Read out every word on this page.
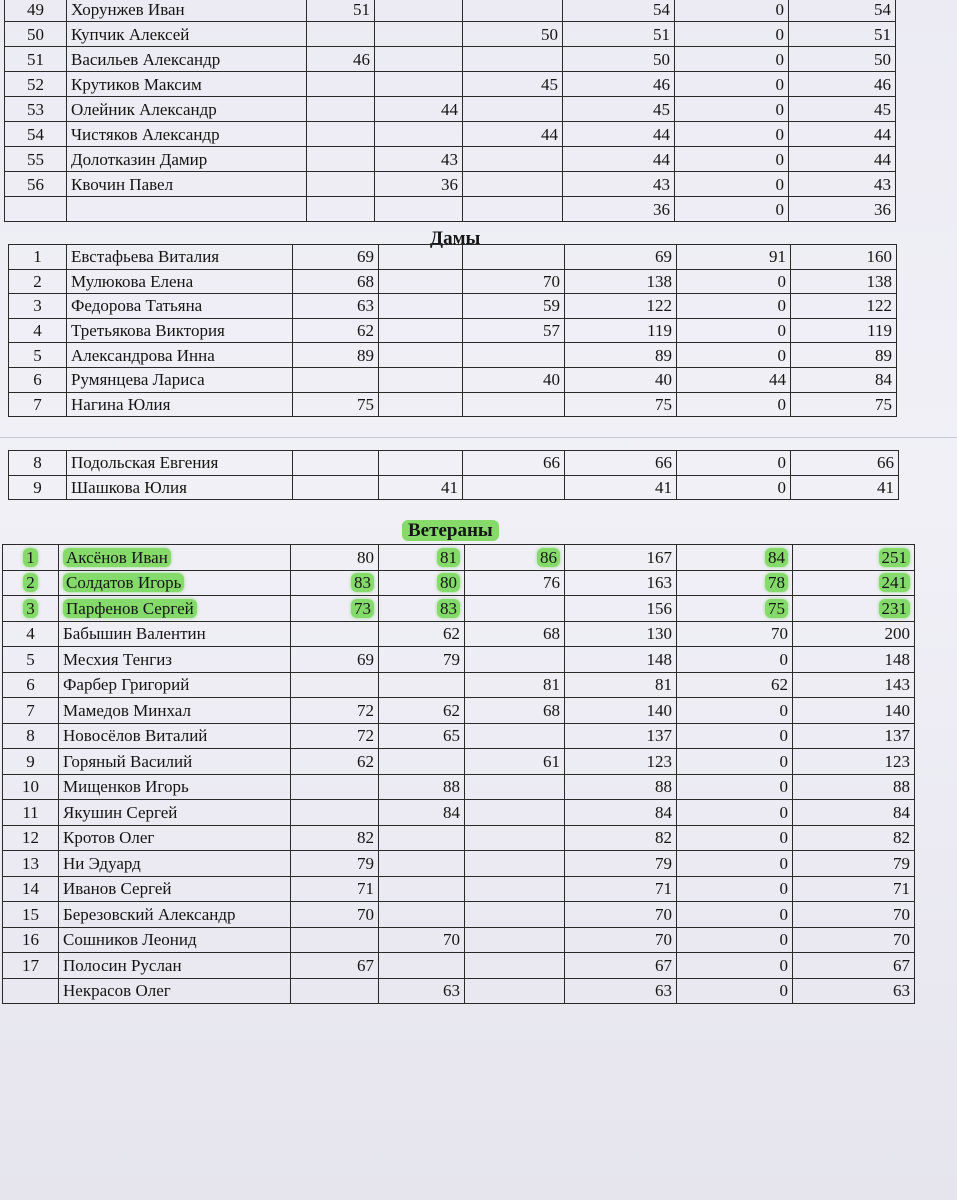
49	Хорунжев Иван	51			54	0	54
50	Купчик Алексей			50	51	0	51
51	Васильев Александр	46			50	0	50
52	Крутиков Максим			45	46	0	46
53	Олейник Александр		44		45	0	45
54	Чистяков Александр			44	44	0	44
55	Долотказин Дамир		43		44	0	44
56	Квочин Павел		36		43	0	43
					36	0	36
Дамы
1	Евстафьева Виталия	69			69	91	160
2	Мулюкова Елена	68		70	138	0	138
3	Федорова Татьяна	63		59	122	0	122
4	Третьякова Виктория	62		57	119	0	119
5	Александрова Инна	89			89	0	89
6	Румянцева Лариса			40	40	44	84
7	Нагина Юлия	75			75	0	75
8	Подольская Евгения			66	66	0	66
9	Шашкова Юлия		41		41	0	41
Ветераны
1	Аксёнов Иван	80	81	86	167	84	251
2	Солдатов Игорь	83	80	76	163	78	241
3	Парфенов Сергей	73	83		156	75	231
4	Бабышин Валентин		62	68	130	70	200
5	Месхия Тенгиз	69	79		148	0	148
6	Фарбер Григорий			81	81	62	143
7	Мамедов Минхал	72	62	68	140	0	140
8	Новосёлов Виталий	72	65		137	0	137
9	Горяный Василий	62		61	123	0	123
10	Мищенков Игорь		88		88	0	88
11	Якушин Сергей		84		84	0	84
12	Кротов Олег	82			82	0	82
13	Ни Эдуард	79			79	0	79
14	Иванов Сергей	71			71	0	71
15	Березовский Александр	70			70	0	70
16	Сошников Леонид		70		70	0	70
17	Полосин Руслан	67			67	0	67
	Некрасов Олег		63		63	0	63
